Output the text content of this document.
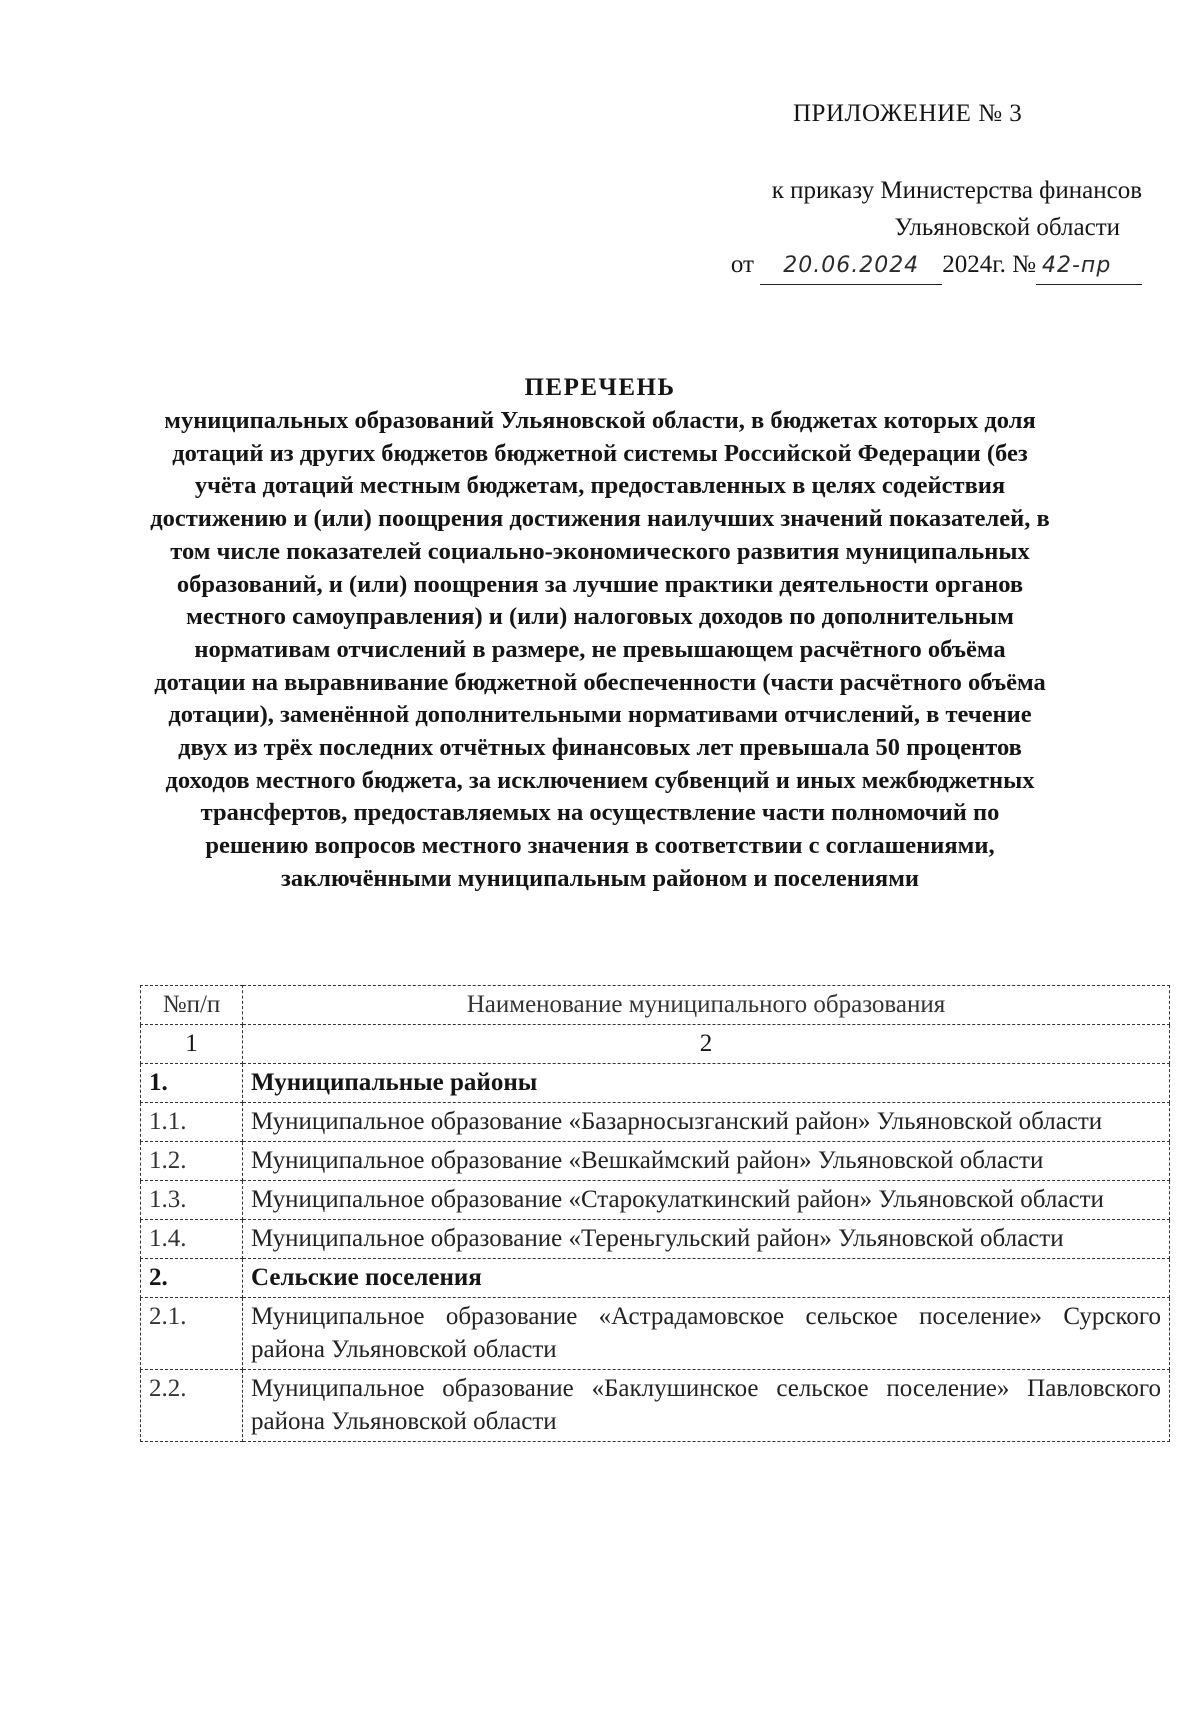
ПРИЛОЖЕНИЕ № 3
к приказу Министерства финансов
Ульяновской области
от 20.06.2024 2024г. № 42-пр
ПЕРЕЧЕНЬ
муниципальных образований Ульяновской области, в бюджетах которых доля дотаций из других бюджетов бюджетной системы Российской Федерации (без учёта дотаций местным бюджетам, предоставленных в целях содействия достижению и (или) поощрения достижения наилучших значений показателей, в том числе показателей социально-экономического развития муниципальных образований, и (или) поощрения за лучшие практики деятельности органов местного самоуправления) и (или) налоговых доходов по дополнительным нормативам отчислений в размере, не превышающем расчётного объёма дотации на выравнивание бюджетной обеспеченности (части расчётного объёма дотации), заменённой дополнительными нормативами отчислений, в течение двух из трёх последних отчётных финансовых лет превышала 50 процентов доходов местного бюджета, за исключением субвенций и иных межбюджетных трансфертов, предоставляемых на осуществление части полномочий по решению вопросов местного значения в соответствии с соглашениями, заключёнными муниципальным районом и поселениями
№п/п	Наименование муниципального образования
1	2
1.	Муниципальные районы
1.1.	Муниципальное образование «Базарносызганский район» Ульяновской области
1.2.	Муниципальное образование «Вешкаймский район» Ульяновской области
1.3.	Муниципальное образование «Старокулаткинский район» Ульяновской области
1.4.	Муниципальное образование «Тереньгульский район» Ульяновской области
2.	Сельские поселения
2.1.	Муниципальное образование «Астрадамовское сельское поселение» Сурского района Ульяновской области
2.2.	Муниципальное образование «Баклушинское сельское поселение» Павловского района Ульяновской области
